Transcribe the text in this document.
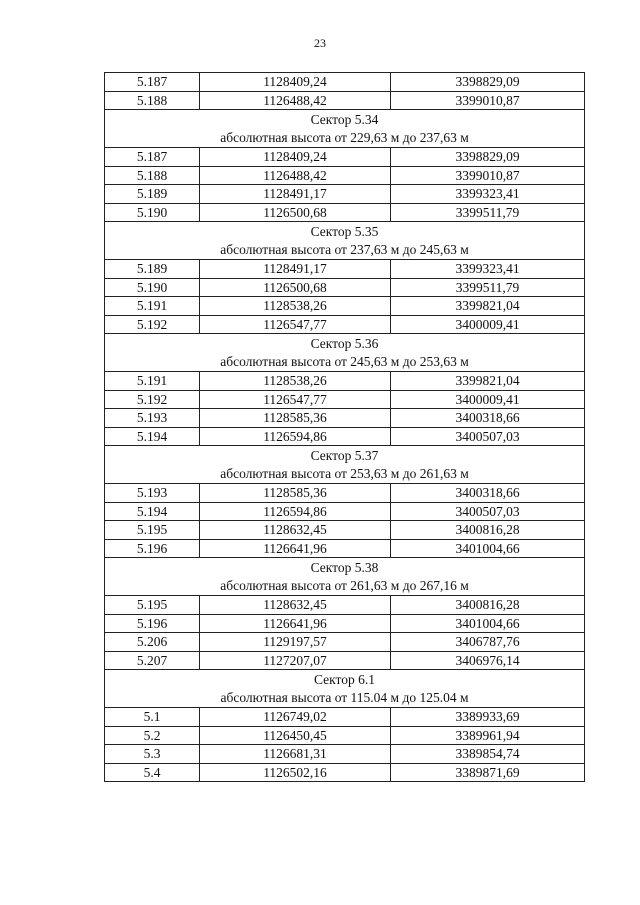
23
5.187	1128409,24	3398829,09
5.188	1126488,42	3399010,87

Сектор 5.34
абсолютная высота от 229,63 м до 237,63 м		

5.187	1128409,24	3398829,09
5.188	1126488,42	3399010,87
5.189	1128491,17	3399323,41
5.190	1126500,68	3399511,79

Сектор 5.35
абсолютная высота от 237,63 м до 245,63 м		

5.189	1128491,17	3399323,41
5.190	1126500,68	3399511,79
5.191	1128538,26	3399821,04
5.192	1126547,77	3400009,41

Сектор 5.36
абсолютная высота от 245,63 м до 253,63 м		

5.191	1128538,26	3399821,04
5.192	1126547,77	3400009,41
5.193	1128585,36	3400318,66
5.194	1126594,86	3400507,03

Сектор 5.37
абсолютная высота от 253,63 м до 261,63 м		

5.193	1128585,36	3400318,66
5.194	1126594,86	3400507,03
5.195	1128632,45	3400816,28
5.196	1126641,96	3401004,66

Сектор 5.38
абсолютная высота от 261,63 м до 267,16 м		

5.195	1128632,45	3400816,28
5.196	1126641,96	3401004,66
5.206	1129197,57	3406787,76
5.207	1127207,07	3406976,14

Сектор 6.1
абсолютная высота от 115.04 м до 125.04 м		

5.1	1126749,02	3389933,69
5.2	1126450,45	3389961,94
5.3	1126681,31	3389854,74
5.4	1126502,16	3389871,69
